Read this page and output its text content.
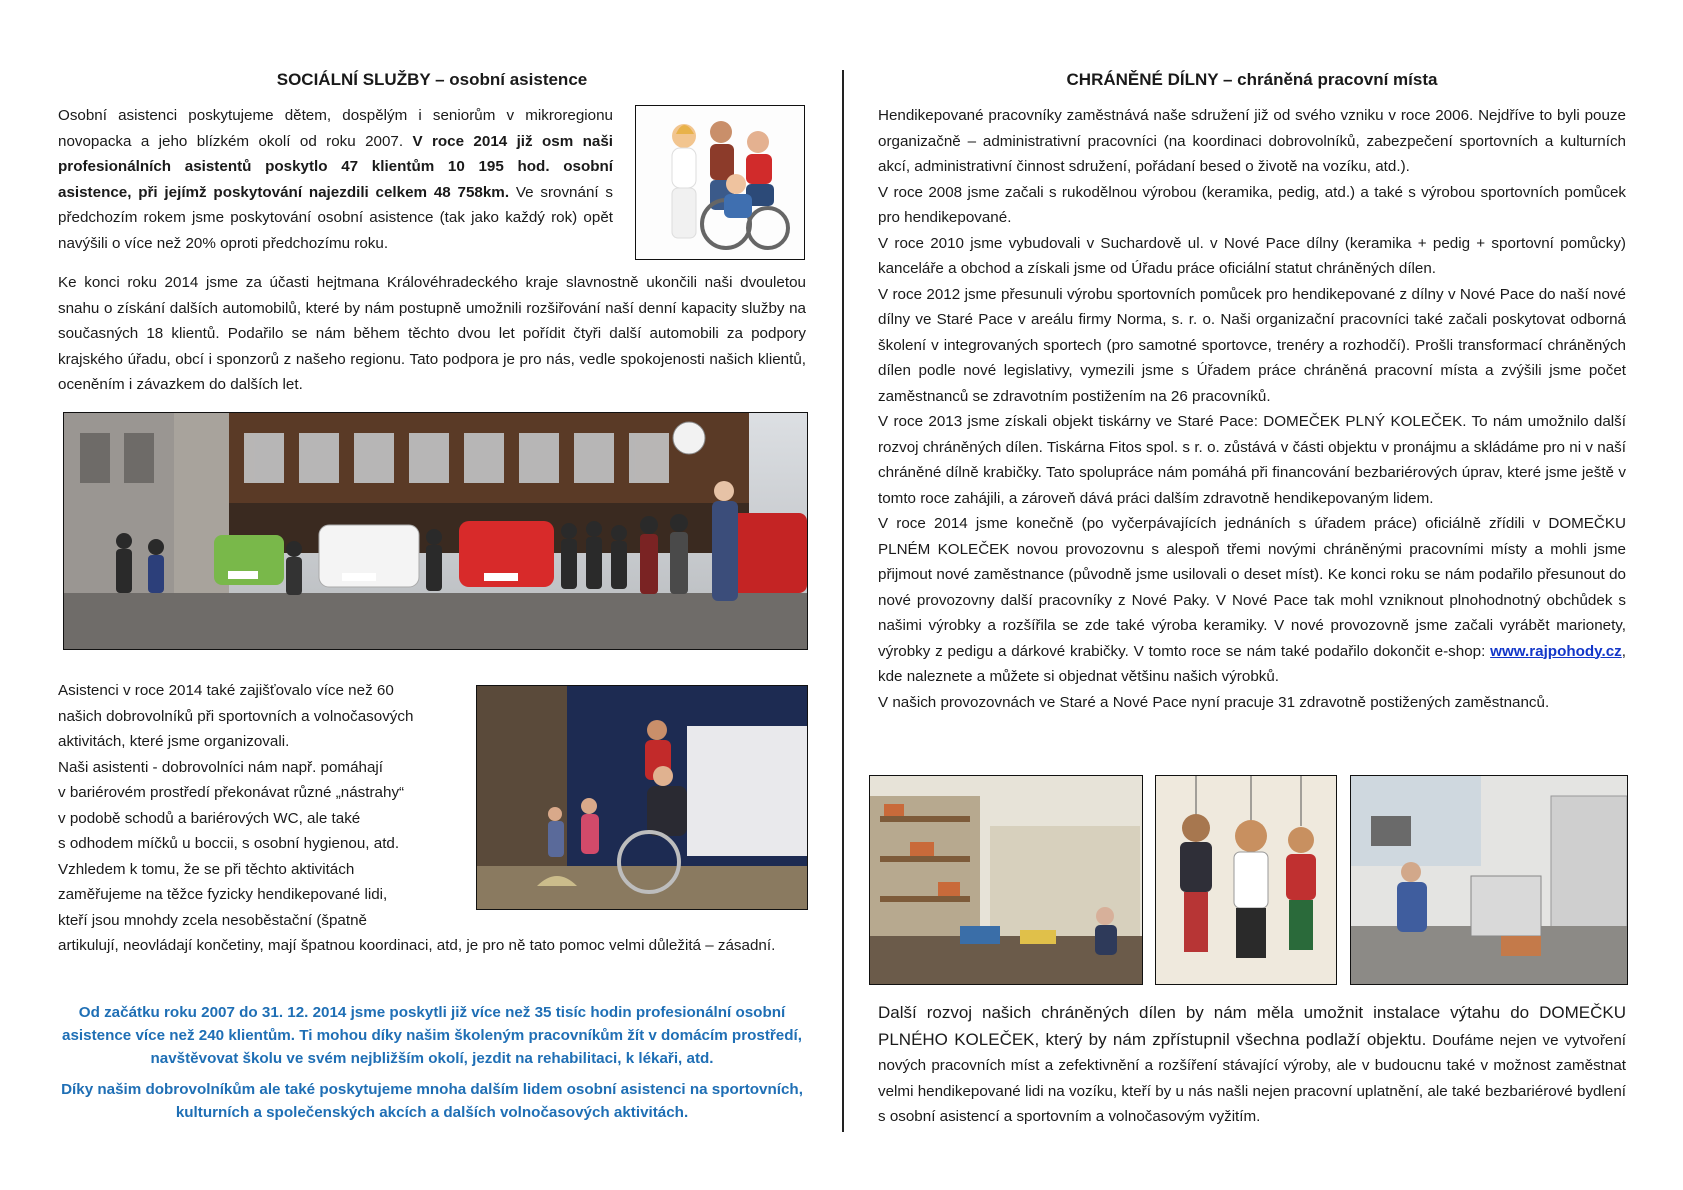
SOCIÁLNÍ SLUŽBY – osobní asistence

Osobní asistenci poskytujeme dětem, dospělým i seniorům v mikroregionu novopacka a jeho blízkém okolí od roku 2007. V roce 2014 již osm naši profesionálních asistentů poskytlo 47 klientům 10 195 hod. osobní asistence, při jejímž poskytování najezdili celkem 48 758km. Ve srovnání s předchozím rokem jsme poskytování osobní asistence (tak jako každý rok) opět navýšili o více než 20% oproti předchozímu roku.

Ke konci roku 2014 jsme za účasti hejtmana Královéhradeckého kraje slavnostně ukončili naši dvouletou snahu o získání dalších automobilů, které by nám postupně umožnili rozšiřování naší denní kapacity služby na současných 18 klientů. Podařilo se nám během těchto dvou let pořídit čtyři další automobili za podpory krajského úřadu, obcí i sponzorů z našeho regionu. Tato podpora je pro nás, vedle spokojenosti našich klientů, oceněním i závazkem do dalších let.

Asistenci v roce 2014 také zajišťovalo více než 60

našich dobrovolníků při sportovních a volnočasových

aktivitách, které jsme organizovali.

Naši asistenti - dobrovolníci nám např. pomáhají

v bariérovém prostředí překonávat různé „nástrahy“

v podobě schodů a bariérových WC, ale také

s odhodem míčků u boccii, s osobní hygienou, atd.

Vzhledem k tomu, že se při těchto aktivitách

zaměřujeme na těžce fyzicky hendikepované lidi,

kteří jsou mnohdy zcela nesoběstační (špatně

artikulují, neovládají končetiny, mají špatnou koordinaci, atd, je pro ně tato pomoc velmi důležitá – zásadní.

Od začátku roku 2007 do 31. 12. 2014 jsme poskytli již více než 35 tisíc hodin profesionální osobní asistence více než 240 klientům. Ti mohou díky našim školeným pracovníkům žít v domácím prostředí, navštěvovat školu ve svém nejbližším okolí, jezdit na rehabilitaci, k lékaři, atd.

Díky našim dobrovolníkům ale také poskytujeme mnoha dalším lidem osobní asistenci na sportovních, kulturních a společenských akcích a dalších volnočasových aktivitách.

CHRÁNĚNÉ DÍLNY – chráněná pracovní místa

Hendikepované pracovníky zaměstnává naše sdružení již od svého vzniku v roce 2006. Nejdříve to byli pouze organizačně – administrativní pracovníci (na koordinaci dobrovolníků, zabezpečení sportovních a kulturních akcí, administrativní činnost sdružení, pořádaní besed o životě na vozíku, atd.).

V roce 2008 jsme začali s rukodělnou výrobou (keramika, pedig, atd.) a také s výrobou sportovních pomůcek pro hendikepované.

V roce 2010 jsme vybudovali v Suchardově ul. v Nové Pace dílny (keramika + pedig + sportovní pomůcky) kanceláře a obchod a získali jsme od Úřadu práce oficiální statut chráněných dílen.

V roce 2012 jsme přesunuli výrobu sportovních pomůcek pro hendikepované z dílny v Nové Pace do naší nové dílny ve Staré Pace v areálu firmy Norma, s. r. o. Naši organizační pracovníci také začali poskytovat odborná školení v integrovaných sportech (pro samotné sportovce, trenéry a rozhodčí). Prošli transformací chráněných dílen podle nové legislativy, vymezili jsme s Úřadem práce chráněná pracovní místa a zvýšili jsme počet zaměstnanců se zdravotním postižením na 26 pracovníků.

V roce 2013 jsme získali objekt tiskárny ve Staré Pace: DOMEČEK PLNÝ KOLEČEK. To nám umožnilo další rozvoj chráněných dílen. Tiskárna Fitos spol. s r. o. zůstává v části objektu v pronájmu a skládáme pro ni v naší chráněné dílně krabičky. Tato spolupráce nám pomáhá při financování bezbariérových úprav, které jsme ještě v tomto roce zahájili, a zároveň dává práci dalším zdravotně hendikepovaným lidem.

V roce 2014 jsme konečně (po vyčerpávajících jednáních s úřadem práce) oficiálně zřídili v DOMEČKU PLNÉM KOLEČEK novou provozovnu s alespoň třemi novými chráněnými pracovními místy a mohli jsme přijmout nové zaměstnance (původně jsme usilovali o deset míst). Ke konci roku se nám podařilo přesunout do nové provozovny další pracovníky z Nové Paky. V Nové Pace tak mohl vzniknout plnohodnotný obchůdek s našimi výrobky a rozšířila se zde také výroba keramiky. V nové provozovně jsme začali vyrábět marionety, výrobky z pedigu a dárkové krabičky. V tomto roce se nám také podařilo dokončit e-shop: www.rajpohody.cz, kde naleznete a můžete si objednat většinu našich výrobků.

V našich provozovnách ve Staré a Nové Pace nyní pracuje 31 zdravotně postižených zaměstnanců.

Další rozvoj našich chráněných dílen by nám měla umožnit instalace výtahu do DOMEČKU PLNÉHO KOLEČEK, který by nám zpřístupnil všechna podlaží objektu. Doufáme nejen ve vytvoření nových pracovních míst a zefektivnění a rozšíření stávající výroby, ale v budoucnu také v možnost zaměstnat velmi hendikepované lidi na vozíku, kteří by u nás našli nejen pracovní uplatnění, ale také bezbariérové bydlení s osobní asistencí a sportovním a volnočasovým vyžitím.
